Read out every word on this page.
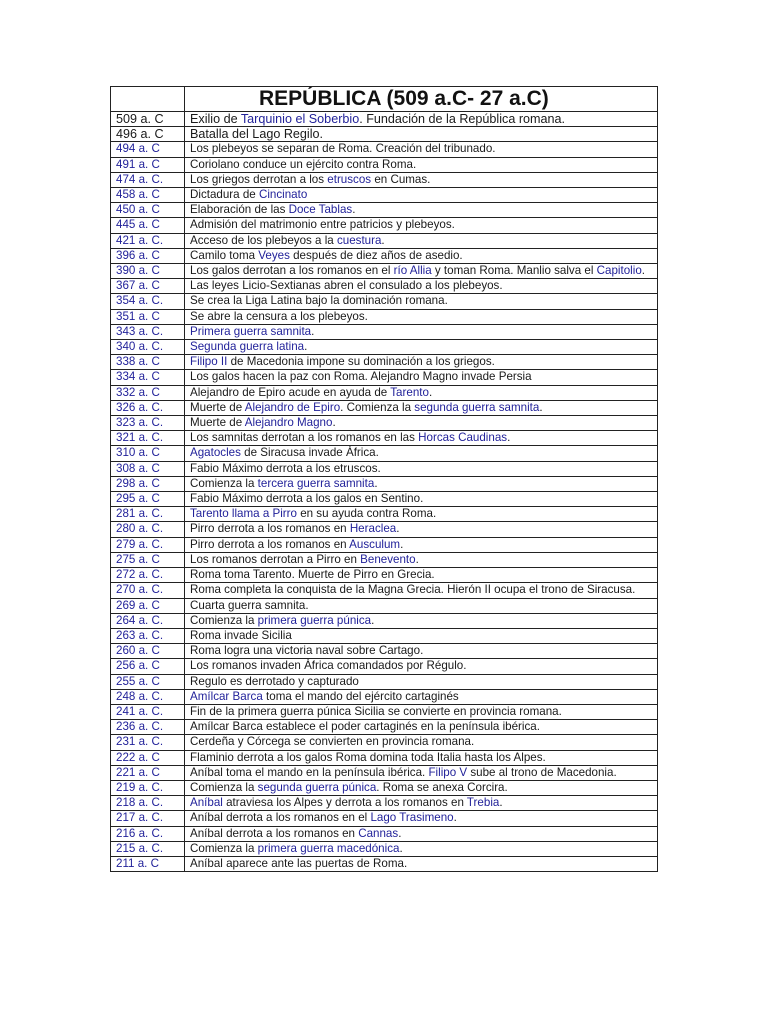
	REPÚBLICA (509 a.C- 27 a.C)
509 a. C	Exilio de Tarquinio el Soberbio. Fundación de la República romana.
496 a. C	Batalla del Lago Regilo.
494 a. C	Los plebeyos se separan de Roma. Creación del tribunado.
491 a. C	Coriolano conduce un ejército contra Roma.
474 a. C.	Los griegos derrotan a los etruscos en Cumas.
458 a. C	Dictadura de Cincinato
450 a. C	Elaboración de las Doce Tablas.
445 a. C	Admisión del matrimonio entre patricios y plebeyos.
421 a. C.	Acceso de los plebeyos a la cuestura.
396 a. C	Camilo toma Veyes después de diez años de asedio.
390 a. C	Los galos derrotan a los romanos en el río Allia y toman Roma. Manlio salva el Capitolio.
367 a. C	Las leyes Licio-Sextianas abren el consulado a los plebeyos.
354 a. C.	Se crea la Liga Latina bajo la dominación romana.
351 a. C	Se abre la censura a los plebeyos.
343 a. C.	Primera guerra samnita.
340 a. C.	Segunda guerra latina.
338 a. C	Filipo II de Macedonia impone su dominación a los griegos.
334 a. C	Los galos hacen la paz con Roma. Alejandro Magno invade Persia
332 a. C	Alejandro de Epiro acude en ayuda de Tarento.
326 a. C.	Muerte de Alejandro de Epiro. Comienza la segunda guerra samnita.
323 a. C.	Muerte de Alejandro Magno.
321 a. C.	Los samnitas derrotan a los romanos en las Horcas Caudinas.
310 a. C	Agatocles de Siracusa invade África.
308 a. C	Fabio Máximo derrota a los etruscos.
298 a. C	Comienza la tercera guerra samnita.
295 a. C	Fabio Máximo derrota a los galos en Sentino.
281 a. C.	Tarento llama a Pirro en su ayuda contra Roma.
280 a. C.	Pirro derrota a los romanos en Heraclea.
279 a. C.	Pirro derrota a los romanos en Ausculum.
275 a. C	Los romanos derrotan a Pirro en Benevento.
272 a. C.	Roma toma Tarento. Muerte de Pirro en Grecia.
270 a. C.	Roma completa la conquista de la Magna Grecia. Hierón II ocupa el trono de Siracusa.
269 a. C	Cuarta guerra samnita.
264 a. C.	Comienza la primera guerra púnica.
263 a. C.	Roma invade Sicilia
260 a. C	Roma logra una victoria naval sobre Cartago.
256 a. C	Los romanos invaden África comandados por Régulo.
255 a. C	Regulo es derrotado y capturado
248 a. C.	Amílcar Barca toma el mando del ejército cartaginés
241 a. C.	Fin de la primera guerra púnica Sicilia se convierte en provincia romana.
236 a. C.	Amílcar Barca establece el poder cartaginés en la península ibérica.
231 a. C.	Cerdeña y Córcega se convierten en provincia romana.
222 a. C	Flaminio derrota a los galos Roma domina toda Italia hasta los Alpes.
221 a. C	Aníbal toma el mando en la península ibérica. Filipo V sube al trono de Macedonia.
219 a. C.	Comienza la segunda guerra púnica. Roma se anexa Corcira.
218 a. C.	Aníbal atraviesa los Alpes y derrota a los romanos en Trebia.
217 a. C.	Aníbal derrota a los romanos en el Lago Trasimeno.
216 a. C.	Aníbal derrota a los romanos en Cannas.
215 a. C.	Comienza la primera guerra macedónica.
211 a. C	Aníbal aparece ante las puertas de Roma.
